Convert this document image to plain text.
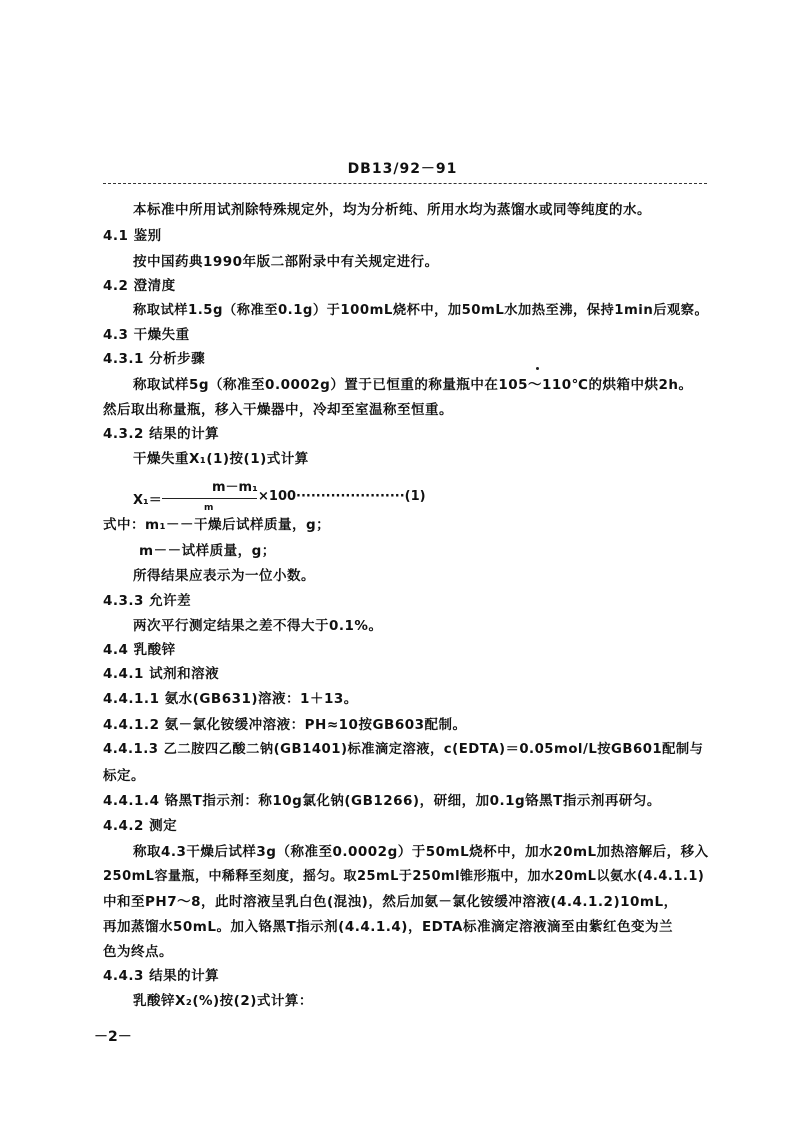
DB13/92－91
本标准中所用试剂除特殊规定外，均为分析纯、所用水均为蒸馏水或同等纯度的水。
4.1 鉴别
按中国药典1990年版二部附录中有关规定进行。
4.2 澄清度
称取试样1.5g（称准至0.1g）于100mL烧杯中，加50mL水加热至沸，保持1min后观察。
4.3 干燥失重
4.3.1 分析步骤
称取试样5g（称准至0.0002g）置于已恒重的称量瓶中在105～110℃的烘箱中烘2h。
然后取出称量瓶，移入干燥器中，冷却至室温称至恒重。
4.3.2 结果的计算
干燥失重X₁(1)按(1)式计算
m－m₁
X₁＝	×100······················(1)
m
式中：m₁－－干燥后试样质量，g；
m－－试样质量，g；
所得结果应表示为一位小数。
4.3.3 允许差
两次平行测定结果之差不得大于0.1%。
4.4 乳酸锌
4.4.1 试剂和溶液
4.4.1.1 氨水(GB631)溶液：1＋13。
4.4.1.2 氨－氯化铵缓冲溶液：PH≈10按GB603配制。
4.4.1.3 乙二胺四乙酸二钠(GB1401)标准滴定溶液，c(EDTA)＝0.05mol/L按GB601配制与
标定。
4.4.1.4 铬黑T指示剂：称10g氯化钠(GB1266)，研细，加0.1g铬黑T指示剂再研匀。
4.4.2 测定
称取4.3干燥后试样3g（称准至0.0002g）于50mL烧杯中，加水20mL加热溶解后，移入
250mL容量瓶，中稀释至刻度，摇匀。取25mL于250ml锥形瓶中，加水20mL以氨水(4.4.1.1)
中和至PH7～8，此时溶液呈乳白色(混浊)，然后加氨－氯化铵缓冲溶液(4.4.1.2)10mL，
再加蒸馏水50mL。加入铬黑T指示剂(4.4.1.4)，EDTA标准滴定溶液滴至由紫红色变为兰
色为终点。
4.4.3 结果的计算
乳酸锌X₂(%)按(2)式计算：
－2－
